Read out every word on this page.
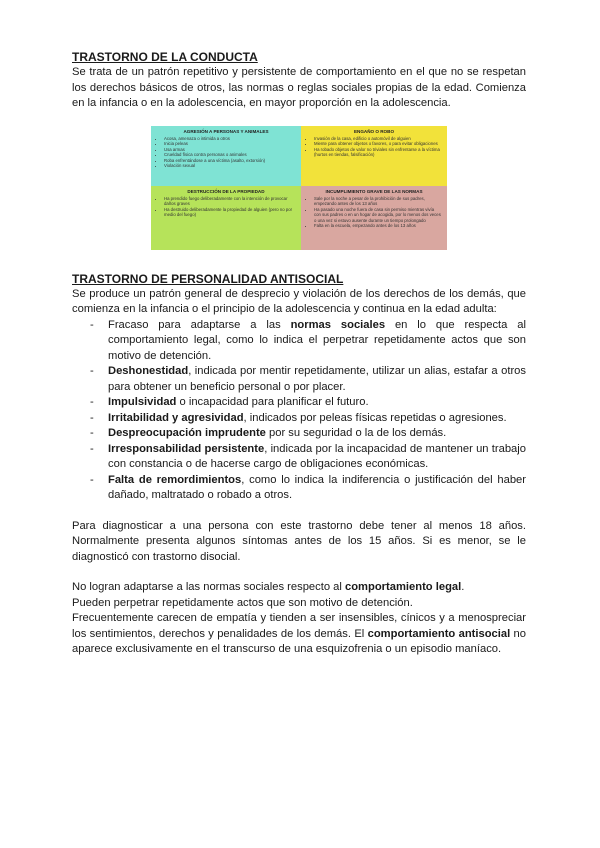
TRASTORNO DE LA CONDUCTA

Se trata de un patrón repetitivo y persistente de comportamiento en el que no se respetan los derechos básicos de otros, las normas o reglas sociales propias de la edad. Comienza en la infancia o en la adolescencia, en mayor proporción en la adolescencia.

AGRESIÓN A PERSONAS Y ANIMALES
• Acosa, amenaza o intimida a otros
• Inicia peleas
• Usa armas
• Crueldad física contra personas o animales
• Roba enfrentándose a una víctima (asalto, extorsión)
• Violación sexual
ENGAÑO O ROBO
• Invasión de la casa, edificio o automóvil de alguien
• Miente para obtener objetos o favores, o para evitar obligaciones
• Ha robado objetos de valor no triviales sin enfrentarse a la víctima (hurtos en tiendas, falsificación)
DESTRUCCIÓN DE LA PROPIEDAD
• Ha prendido fuego deliberadamente con la intención de provocar daños graves
• Ha destruido deliberadamente la propiedad de alguien (pero no por medio del fuego)
INCUMPLIMIENTO GRAVE DE LAS NORMAS
• Sale por la noche a pesar de la prohibición de sus padres, empezando antes de los 13 años
• Ha pasado una noche fuera de casa sin permiso mientras vivía con sus padres o en un hogar de acogida, por lo menos dos veces o una vez si estuvo ausente durante un tiempo prolongado
• Falta en la escuela, empezando antes de los 13 años

TRASTORNO DE PERSONALIDAD ANTISOCIAL

Se produce un patrón general de desprecio y violación de los derechos de los demás, que comienza en la infancia o el principio de la adolescencia y continua en la edad adulta:

- Fracaso para adaptarse a las normas sociales en lo que respecta al comportamiento legal, como lo indica el perpetrar repetidamente actos que son motivo de detención.
- Deshonestidad, indicada por mentir repetidamente, utilizar un alias, estafar a otros para obtener un beneficio personal o por placer.
- Impulsividad o incapacidad para planificar el futuro.
- Irritabilidad y agresividad, indicados por peleas físicas repetidas o agresiones.
- Despreocupación imprudente por su seguridad o la de los demás.
- Irresponsabilidad persistente, indicada por la incapacidad de mantener un trabajo con constancia o de hacerse cargo de obligaciones económicas.
- Falta de remordimientos, como lo indica la indiferencia o justificación del haber dañado, maltratado o robado a otros.

Para diagnosticar a una persona con este trastorno debe tener al menos 18 años. Normalmente presenta algunos síntomas antes de los 15 años. Si es menor, se le diagnosticó con trastorno disocial.

No logran adaptarse a las normas sociales respecto al comportamiento legal.

Pueden perpetrar repetidamente actos que son motivo de detención.

Frecuentemente carecen de empatía y tienden a ser insensibles, cínicos y a menospreciar los sentimientos, derechos y penalidades de los demás. El comportamiento antisocial no aparece exclusivamente en el transcurso de una esquizofrenia o un episodio maníaco.
